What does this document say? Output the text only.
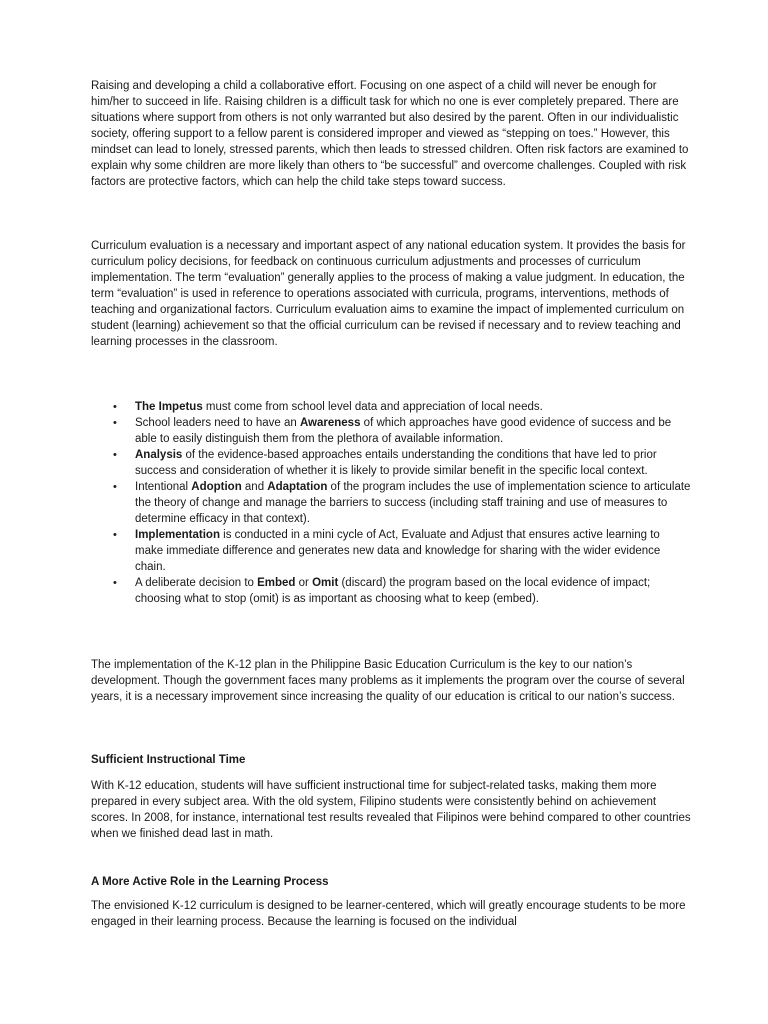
Raising and developing a child a collaborative effort. Focusing on one aspect of a child will never be enough for him/her to succeed in life. Raising children is a difficult task for which no one is ever completely prepared. There are situations where support from others is not only warranted but also desired by the parent. Often in our individualistic society, offering support to a fellow parent is considered improper and viewed as “stepping on toes.” However, this mindset can lead to lonely, stressed parents, which then leads to stressed children. Often risk factors are examined to explain why some children are more likely than others to “be successful” and overcome challenges. Coupled with risk factors are protective factors, which can help the child take steps toward success.

Curriculum evaluation is a necessary and important aspect of any national education system. It provides the basis for curriculum policy decisions, for feedback on continuous curriculum adjustments and processes of curriculum implementation. The term “evaluation” generally applies to the process of making a value judgment. In education, the term “evaluation” is used in reference to operations associated with curricula, programs, interventions, methods of teaching and organizational factors. Curriculum evaluation aims to examine the impact of implemented curriculum on student (learning) achievement so that the official curriculum can be revised if necessary and to review teaching and learning processes in the classroom.

• The Impetus must come from school level data and appreciation of local needs.
• School leaders need to have an Awareness of which approaches have good evidence of success and be able to easily distinguish them from the plethora of available information.
• Analysis of the evidence-based approaches entails understanding the conditions that have led to prior success and consideration of whether it is likely to provide similar benefit in the specific local context.
• Intentional Adoption and Adaptation of the program includes the use of implementation science to articulate the theory of change and manage the barriers to success (including staff training and use of measures to determine efficacy in that context).
• Implementation is conducted in a mini cycle of Act, Evaluate and Adjust that ensures active learning to make immediate difference and generates new data and knowledge for sharing with the wider evidence chain.
• A deliberate decision to Embed or Omit (discard) the program based on the local evidence of impact; choosing what to stop (omit) is as important as choosing what to keep (embed).

The implementation of the K-12 plan in the Philippine Basic Education Curriculum is the key to our nation’s development. Though the government faces many problems as it implements the program over the course of several years, it is a necessary improvement since increasing the quality of our education is critical to our nation’s success.

Sufficient Instructional Time

With K-12 education, students will have sufficient instructional time for subject-related tasks, making them more prepared in every subject area. With the old system, Filipino students were consistently behind on achievement scores. In 2008, for instance, international test results revealed that Filipinos were behind compared to other countries when we finished dead last in math.

A More Active Role in the Learning Process

The envisioned K-12 curriculum is designed to be learner-centered, which will greatly encourage students to be more engaged in their learning process. Because the learning is focused on the individual
